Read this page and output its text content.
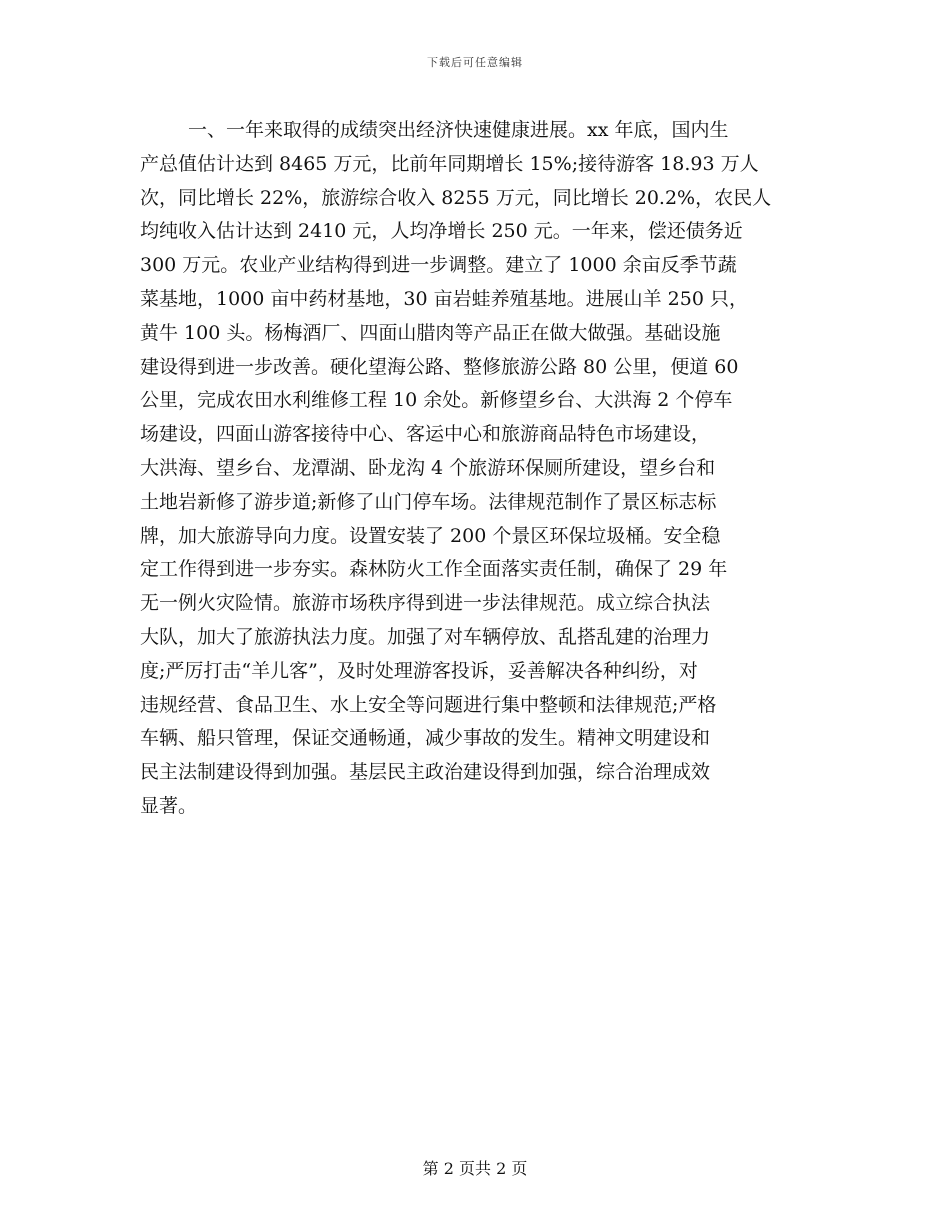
下载后可任意编辑
一、一年来取得的成绩突出经济快速健康进展。xx 年底，国内生
产总值估计达到 8465 万元，比前年同期增长 15%;接待游客 18.93 万人
次，同比增长 22%，旅游综合收入 8255 万元，同比增长 20.2%，农民人
均纯收入估计达到 2410 元，人均净增长 250 元。一年来，偿还债务近
300 万元。农业产业结构得到进一步调整。建立了 1000 余亩反季节蔬
菜基地，1000 亩中药材基地，30 亩岩蛙养殖基地。进展山羊 250 只，
黄牛 100 头。杨梅酒厂、四面山腊肉等产品正在做大做强。基础设施
建设得到进一步改善。硬化望海公路、整修旅游公路 80 公里，便道 60
公里，完成农田水利维修工程 10 余处。新修望乡台、大洪海 2 个停车
场建设，四面山游客接待中心、客运中心和旅游商品特色市场建设，
大洪海、望乡台、龙潭湖、卧龙沟 4 个旅游环保厕所建设，望乡台和
土地岩新修了游步道;新修了山门停车场。法律规范制作了景区标志标
牌，加大旅游导向力度。设置安装了 200 个景区环保垃圾桶。安全稳
定工作得到进一步夯实。森林防火工作全面落实责任制，确保了 29 年
无一例火灾险情。旅游市场秩序得到进一步法律规范。成立综合执法
大队，加大了旅游执法力度。加强了对车辆停放、乱搭乱建的治理力
度;严厉打击“羊儿客”，及时处理游客投诉，妥善解决各种纠纷，对
违规经营、食品卫生、水上安全等问题进行集中整顿和法律规范;严格
车辆、船只管理，保证交通畅通，减少事故的发生。精神文明建设和
民主法制建设得到加强。基层民主政治建设得到加强，综合治理成效
显著。
第 2 页共 2 页
